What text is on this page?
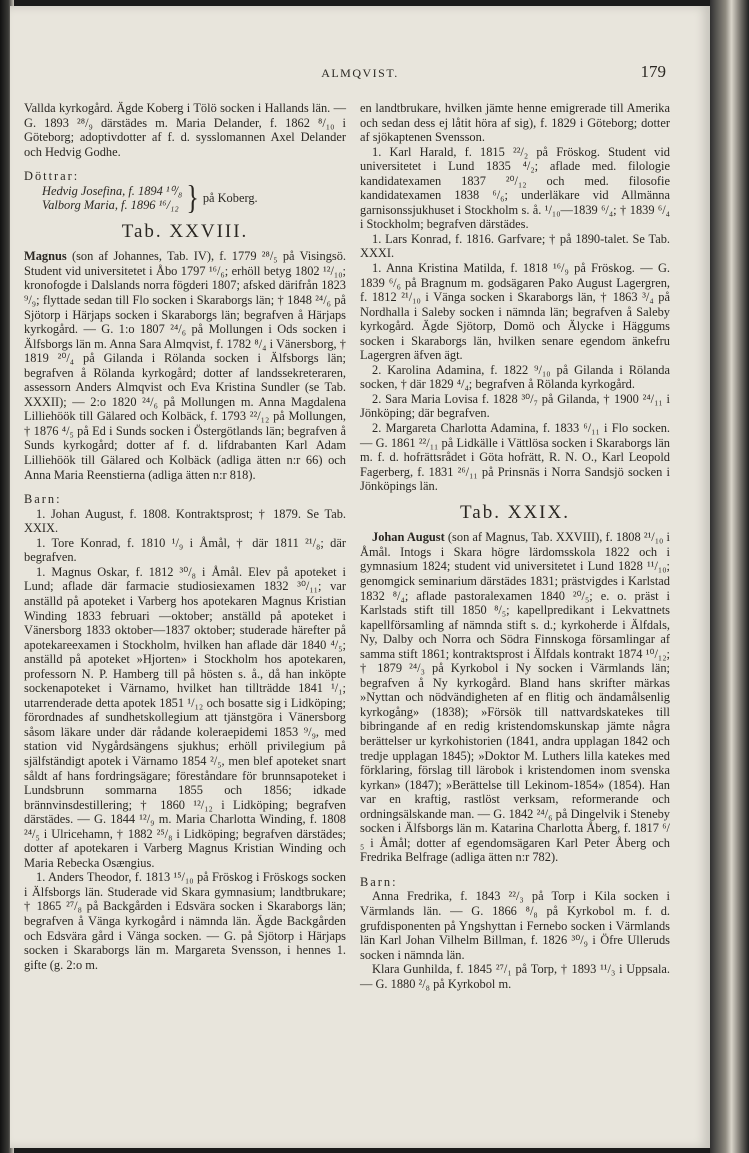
ALMQVIST.	179

Vallda kyrkogård. Ägde Koberg i Tölö socken i Hallands län. — G. 1893 ²⁸/₉ därstädes m. Maria Delander, f. 1862 ⁸/₁₀ i Göteborg; adoptivdotter af f. d. sysslomannen Axel Delander och Hedvig Godhe.

Döttrar:

Hedvig Josefina, f. 1894 ¹⁰/₈

Valborg Maria, f. 1896 ¹⁶/₁₂ } på Koberg.
Tab. XXVIII.

Magnus (son af Johannes, Tab. IV), f. 1779 ²⁸/₅ på Visingsö. Student vid universitetet i Åbo 1797 ¹⁶/₆; erhöll betyg 1802 ¹²/₁₀; kronofogde i Dalslands norra fögderi 1807; afsked därifrån 1823 ⁹/₉; flyttade sedan till Flo socken i Skaraborgs län; † 1848 ²⁴/₆ på Sjötorp i Härjaps socken i Skaraborgs län; begrafven å Härjaps kyrkogård. — G. 1:o 1807 ²⁴/₆ på Mollungen i Ods socken i Älfsborgs län m. Anna Sara Almqvist, f. 1782 ⁸/₄ i Vänersborg, † 1819 ²⁰/₄ på Gilanda i Rölanda socken i Älfsborgs län; begrafven å Rölanda kyrkogård; dotter af landssekreteraren, assessorn Anders Almqvist och Eva Kristina Sundler (se Tab. XXXII); — 2:o 1820 ²⁴/₆ på Mollungen m. Anna Magdalena Lilliehöök till Gälared och Kolbäck, f. 1793 ²²/₁₂ på Mollungen, † 1876 ⁴/₅ på Ed i Sunds socken i Östergötlands län; begrafven å Sunds kyrkogård; dotter af f. d. lifdrabanten Karl Adam Lilliehöök till Gälared och Kolbäck (adliga ätten n:r 66) och Anna Maria Reenstierna (adliga ätten n:r 818).

Barn:

1. Johan August, f. 1808. Kontraktsprost; † 1879. Se Tab. XXIX.

1. Tore Konrad, f. 1810 ¹/₉ i Åmål, † där 1811 ²¹/₈; där begrafven.

1. Magnus Oskar, f. 1812 ³⁰/₈ i Åmål. Elev på apoteket i Lund; aflade där farmacie studiosiexamen 1832 ³⁰/₁₁; var anställd på apoteket i Varberg hos apotekaren Magnus Kristian Winding 1833 februari —oktober; anställd på apoteket i Vänersborg 1833 oktober—1837 oktober; studerade härefter på apotekareexamen i Stockholm, hvilken han aflade där 1840 ⁴/₅; anställd på apoteket »Hjorten» i Stockholm hos apotekaren, professorn N. P. Hamberg till på hösten s. å., då han inköpte sockenapoteket i Värnamo, hvilket han tillträdde 1841 ¹/₁; utarrenderade detta apotek 1851 ¹/₁₂ och bosatte sig i Lidköping; förordnades af sundhetskollegium att tjänstgöra i Vänersborg såsom läkare under där rådande koleraepidemi 1853 ⁹/₉, med station vid Nygårdsängens sjukhus; erhöll privilegium på själfständigt apotek i Värnamo 1854 ²/₅, men blef apoteket snart såldt af hans fordringsägare; föreståndare för brunnsapoteket i Lundsbrunn sommarna 1855 och 1856; idkade brännvinsdestillering; † 1860 ¹²/₁₂ i Lidköping; begrafven därstädes. — G. 1844 ¹²/₉ m. Maria Charlotta Winding, f. 1808 ²⁴/₅ i Ulricehamn, † 1882 ²⁵/₈ i Lidköping; begrafven därstädes; dotter af apotekaren i Varberg Magnus Kristian Winding och Maria Rebecka Osængius.

1. Anders Theodor, f. 1813 ¹⁵/₁₀ på Fröskog i Fröskogs socken i Älfsborgs län. Studerade vid Skara gymnasium; landtbrukare; † 1865 ²⁷/₈ på Backgården i Edsvära socken i Skaraborgs län; begrafven å Vänga kyrkogård i nämnda län. Ägde Backgården och Edsvära gård i Vänga socken. — G. på Sjötorp i Härjaps socken i Skaraborgs län m. Margareta Svensson, i hennes 1. gifte (g. 2:o m.

en landtbrukare, hvilken jämte henne emigrerade till Amerika och sedan dess ej låtit höra af sig), f. 1829 i Göteborg; dotter af sjökaptenen Svensson.

1. Karl Harald, f. 1815 ²²/₂ på Fröskog. Student vid universitetet i Lund 1835 ⁴/₂; aflade med. filologie kandidatexamen 1837 ²⁰/₁₂ och med. filosofie kandidatexamen 1838 ⁶/₆; underläkare vid Allmänna garnisonssjukhuset i Stockholm s. å. ¹/₁₀—1839 ⁶/₄; † 1839 ⁶/₄ i Stockholm; begrafven därstädes.

1. Lars Konrad, f. 1816. Garfvare; † på 1890-talet. Se Tab. XXXI.

1. Anna Kristina Matilda, f. 1818 ¹⁶/₉ på Fröskog. — G. 1839 ⁶/₆ på Bragnum m. godsägaren Pako August Lagergren, f. 1812 ²¹/₁₀ i Vänga socken i Skaraborgs län, † 1863 ³/₄ på Nordhalla i Saleby socken i nämnda län; begrafven å Saleby kyrkogård. Ägde Sjötorp, Domö och Älycke i Häggums socken i Skaraborgs län, hvilken senare egendom änkefru Lagergren äfven ägt.

2. Karolina Adamina, f. 1822 ⁹/₁₀ på Gilanda i Rölanda socken, † där 1829 ⁴/₄; begrafven å Rölanda kyrkogård.

2. Sara Maria Lovisa f. 1828 ³⁰/₇ på Gilanda, † 1900 ²⁴/₁₁ i Jönköping; där begrafven.

2. Margareta Charlotta Adamina, f. 1833 ⁶/₁₁ i Flo socken. — G. 1861 ²²/₁₁ på Lidkälle i Vättlösa socken i Skaraborgs län m. f. d. hofrättsrådet i Göta hofrätt, R. N. O., Karl Leopold Fagerberg, f. 1831 ²⁶/₁₁ på Prinsnäs i Norra Sandsjö socken i Jönköpings län.

Tab. XXIX.

Johan August (son af Magnus, Tab. XXVIII), f. 1808 ²¹/₁₀ i Åmål. Intogs i Skara högre lärdomsskola 1822 och i gymnasium 1824; student vid universitetet i Lund 1828 ¹¹/₁₀; genomgick seminarium därstädes 1831; prästvigdes i Karlstad 1832 ⁸/₄; aflade pastoralexamen 1840 ²⁰/₅; e. o. präst i Karlstads stift till 1850 ⁸/₅; kapellpredikant i Lekvattnets kapellförsamling af nämnda stift s. d.; kyrkoherde i Älfdals, Ny, Dalby och Norra och Södra Finnskoga församlingar af samma stift 1861; kontraktsprost i Älfdals kontrakt 1874 ¹⁰/₁₂; † 1879 ²⁴/₃ på Kyrkobol i Ny socken i Värmlands län; begrafven å Ny kyrkogård. Bland hans skrifter märkas »Nyttan och nödvändigheten af en flitig och ändamålsenlig kyrkogång» (1838); »Försök till nattvardskatekes till bibringande af en redig kristendomskunskap jämte några berättelser ur kyrkohistorien (1841, andra upplagan 1842 och tredje upplagan 1845); »Doktor M. Luthers lilla katekes med förklaring, förslag till lärobok i kristendomen inom svenska kyrkan» (1847); »Berättelse till Lekinom-1854» (1854). Han var en kraftig, rastlöst verksam, reformerande och ordningsälskande man. — G. 1842 ²⁴/₆ på Dingelvik i Steneby socken i Älfsborgs län m. Katarina Charlotta Åberg, f. 1817 ⁶/₅ i Åmål; dotter af egendomsägaren Karl Peter Åberg och Fredrika Belfrage (adliga ätten n:r 782).

Barn:

Anna Fredrika, f. 1843 ²²/₃ på Torp i Kila socken i Värmlands län. — G. 1866 ⁸/₈ på Kyrkobol m. f. d. grufdisponenten på Yngshyttan i Fernebo socken i Värmlands län Karl Johan Vilhelm Billman, f. 1826 ³⁰/₉ i Öfre Ulleruds socken i nämnda län.

Klara Gunhilda, f. 1845 ²⁷/₁ på Torp, † 1893 ¹¹/₃ i Uppsala. — G. 1880 ²/₈ på Kyrkobol m.
